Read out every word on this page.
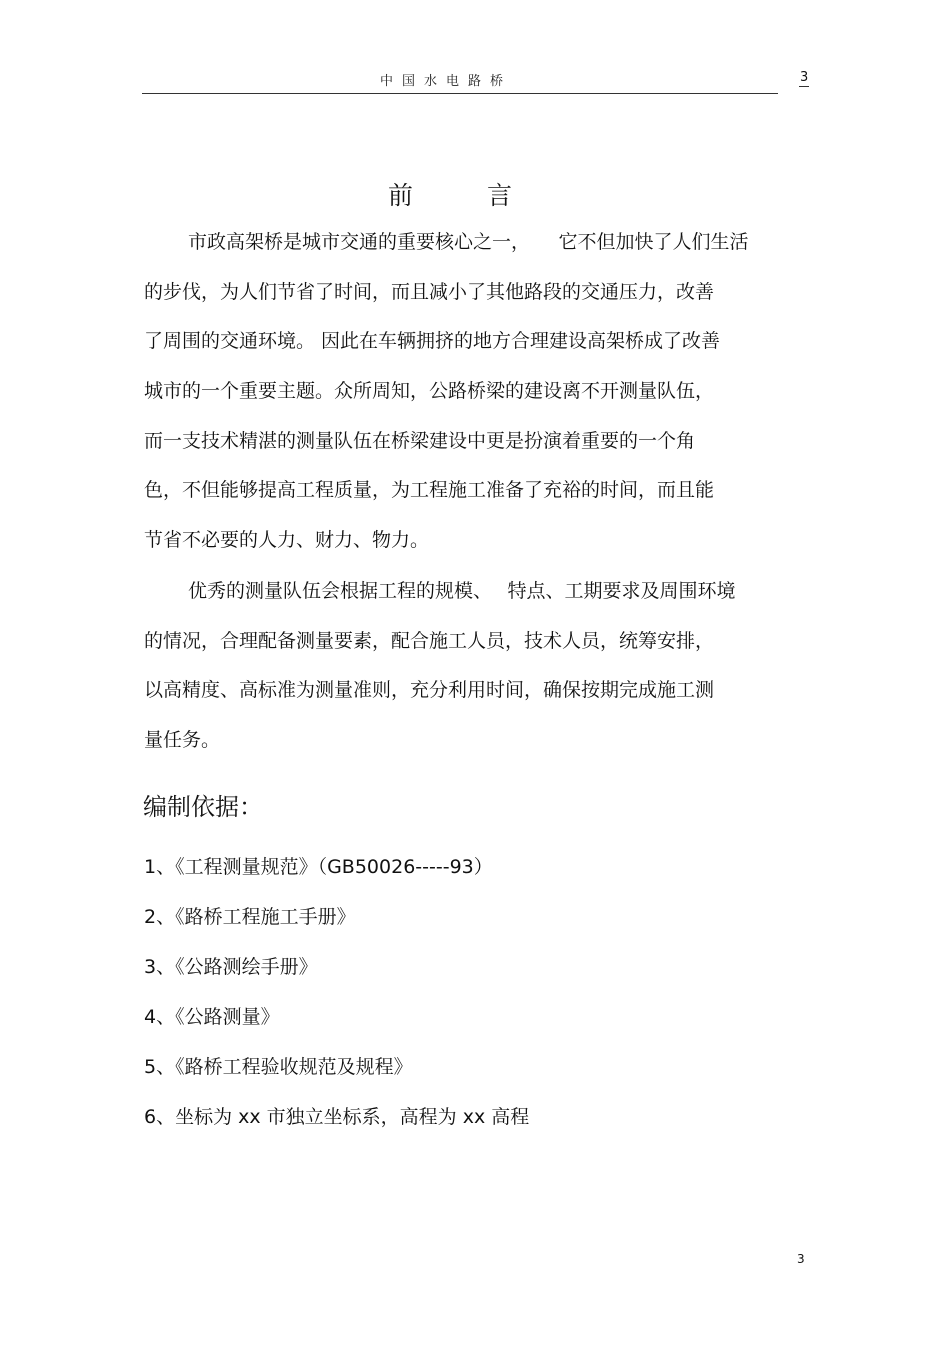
中国水电路桥	3
前	言
市政高架桥是城市交通的重要核心之一，　　它不但加快了人们生活
的步伐，为人们节省了时间，而且减小了其他路段的交通压力，改善
了周围的交通环境。 因此在车辆拥挤的地方合理建设高架桥成了改善
城市的一个重要主题。众所周知，公路桥梁的建设离不开测量队伍，
而一支技术精湛的测量队伍在桥梁建设中更是扮演着重要的一个角
色，不但能够提高工程质量，为工程施工准备了充裕的时间，而且能
节省不必要的人力、财力、物力。
优秀的测量队伍会根据工程的规模、　 特点、工期要求及周围环境
的情况，合理配备测量要素，配合施工人员，技术人员，统筹安排，
以高精度、高标准为测量准则，充分利用时间，确保按期完成施工测
量任务。
编制依据：
1、《工程测量规范》（GB50026-----93）
2、《路桥工程施工手册》
3、《公路测绘手册》
4、《公路测量》
5、《路桥工程验收规范及规程》
6、坐标为 xx 市独立坐标系，高程为 xx 高程
3
